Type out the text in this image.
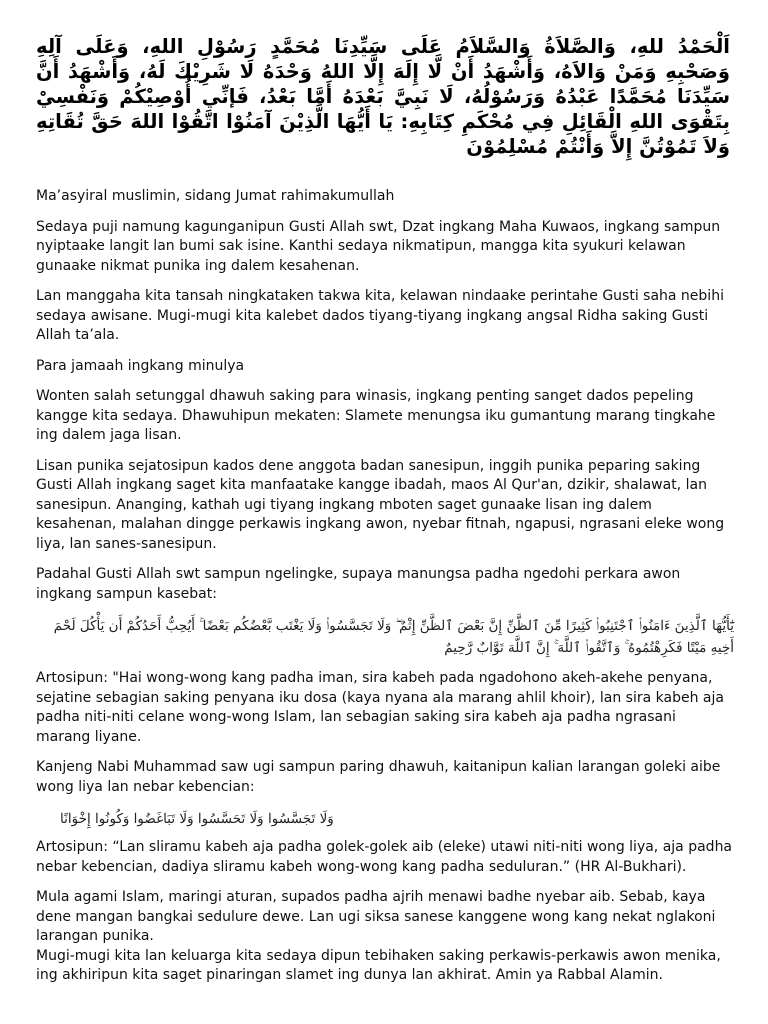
اَلْحَمْدُ للهِ، وَالصَّلاَةُ وَالسَّلاَمُ عَلَى سَيِّدِنَا مُحَمَّدٍ رَسُوْلِ اللهِ، وَعَلَى آلِهِ وَصَحْبِهِ وَمَنْ وَالاَهُ، وَأَشْهَدُ أَنْ لَّا إِلَهَ إِلَّا اللهُ وَحْدَهُ لَا شَرِيْكَ لَهُ، وَأَشْهَدُ أَنَّ سَيِّدَنَا مُحَمَّدًا عَبْدُهُ وَرَسُوْلُهُ، لَا نَبِيَّ بَعْدَهُ أَمَّا بَعْدُ، فَإنِّي أُوْصِيْكُمْ وَنَفْسِيْ بِتَقْوَى اللهِ الْقَائِلِ فِي مُحْكَمِ كِتَابِهِ: يَا أَيُّهَا الَّذِيْنَ آمَنُوْا اتَّقُوْا اللهَ حَقَّ تُقَاتِهِ وَلاَ تَمُوْتُنَّ إِلاَّ وَأَنْتُمْ مُسْلِمُوْنَ

Ma’asyiral muslimin, sidang Jumat rahimakumullah

Sedaya puji namung kagunganipun Gusti Allah swt, Dzat ingkang Maha Kuwaos, ingkang sampun nyiptaake langit lan bumi sak isine. Kanthi sedaya nikmatipun, mangga kita syukuri kelawan gunaake nikmat punika ing dalem kesahenan.

Lan manggaha kita tansah ningkataken takwa kita, kelawan nindaake perintahe Gusti saha nebihi sedaya awisane. Mugi-mugi kita kalebet dados tiyang-tiyang ingkang angsal Ridha saking Gusti Allah ta’ala.

Para jamaah ingkang minulya

Wonten salah setunggal dhawuh saking para winasis, ingkang penting sanget dados pepeling kangge kita sedaya. Dhawuhipun mekaten: Slamete menungsa iku gumantung marang tingkahe ing dalem jaga lisan.

Lisan punika sejatosipun kados dene anggota badan sanesipun, inggih punika peparing saking Gusti Allah ingkang saget kita manfaatake kangge ibadah, maos Al Qur'an, dzikir, shalawat, lan sanesipun. Ananging, kathah ugi tiyang ingkang mboten saget gunaake lisan ing dalem kesahenan, malahan dingge perkawis ingkang awon, nyebar fitnah, ngapusi, ngrasani eleke wong liya, lan sanes-sanesipun.

Padahal Gusti Allah swt sampun ngelingke, supaya manungsa padha ngedohi perkara awon ingkang sampun kasebat:

يَٰٓأَيُّهَا ٱلَّذِينَ ءَامَنُوا۟ ٱجْتَنِبُوا۟ كَثِيرًا مِّنَ ٱلظَّنِّ إِنَّ بَعْضَ ٱلظَّنِّ إِثْمٌ ۖ وَلَا تَجَسَّسُوا۟ وَلَا يَغْتَب بَّعْضُكُم بَعْضًا ۚ أَيُحِبُّ أَحَدُكُمْ أَن يَأْكُلَ لَحْمَ أَخِيهِ مَيْتًا فَكَرِهْتُمُوهُ ۚ وَٱتَّقُوا۟ ٱللَّهَ ۚ إِنَّ ٱللَّهَ تَوَّابٌ رَّحِيمٌ

Artosipun: "Hai wong-wong kang padha iman, sira kabeh pada ngadohono akeh-akehe penyana, sejatine sebagian saking penyana iku dosa (kaya nyana ala marang ahlil khoir), lan sira kabeh aja padha niti-niti celane wong-wong Islam, lan sebagian saking sira kabeh aja padha ngrasani marang liyane.

Kanjeng Nabi Muhammad saw ugi sampun paring dhawuh, kaitanipun kalian larangan goleki aibe wong liya lan nebar kebencian:

وَلَا تَجَسَّسُوا وَلَا تَحَسَّسُوا وَلَا تَبَاغَضُوا وَكُونُوا إِخْوَانًا

Artosipun: “Lan sliramu kabeh aja padha golek-golek aib (eleke) utawi niti-niti wong liya, aja padha nebar kebencian, dadiya sliramu kabeh wong-wong kang padha seduluran.” (HR Al-Bukhari).

Mula agami Islam, maringi aturan, supados padha ajrih menawi badhe nyebar aib. Sebab, kaya dene mangan bangkai sedulure dewe. Lan ugi siksa sanese kanggene wong kang nekat nglakoni larangan punika.

Mugi-mugi kita lan keluarga kita sedaya dipun tebihaken saking perkawis-perkawis awon menika, ing akhiripun kita saget pinaringan slamet ing dunya lan akhirat. Amin ya Rabbal Alamin.
